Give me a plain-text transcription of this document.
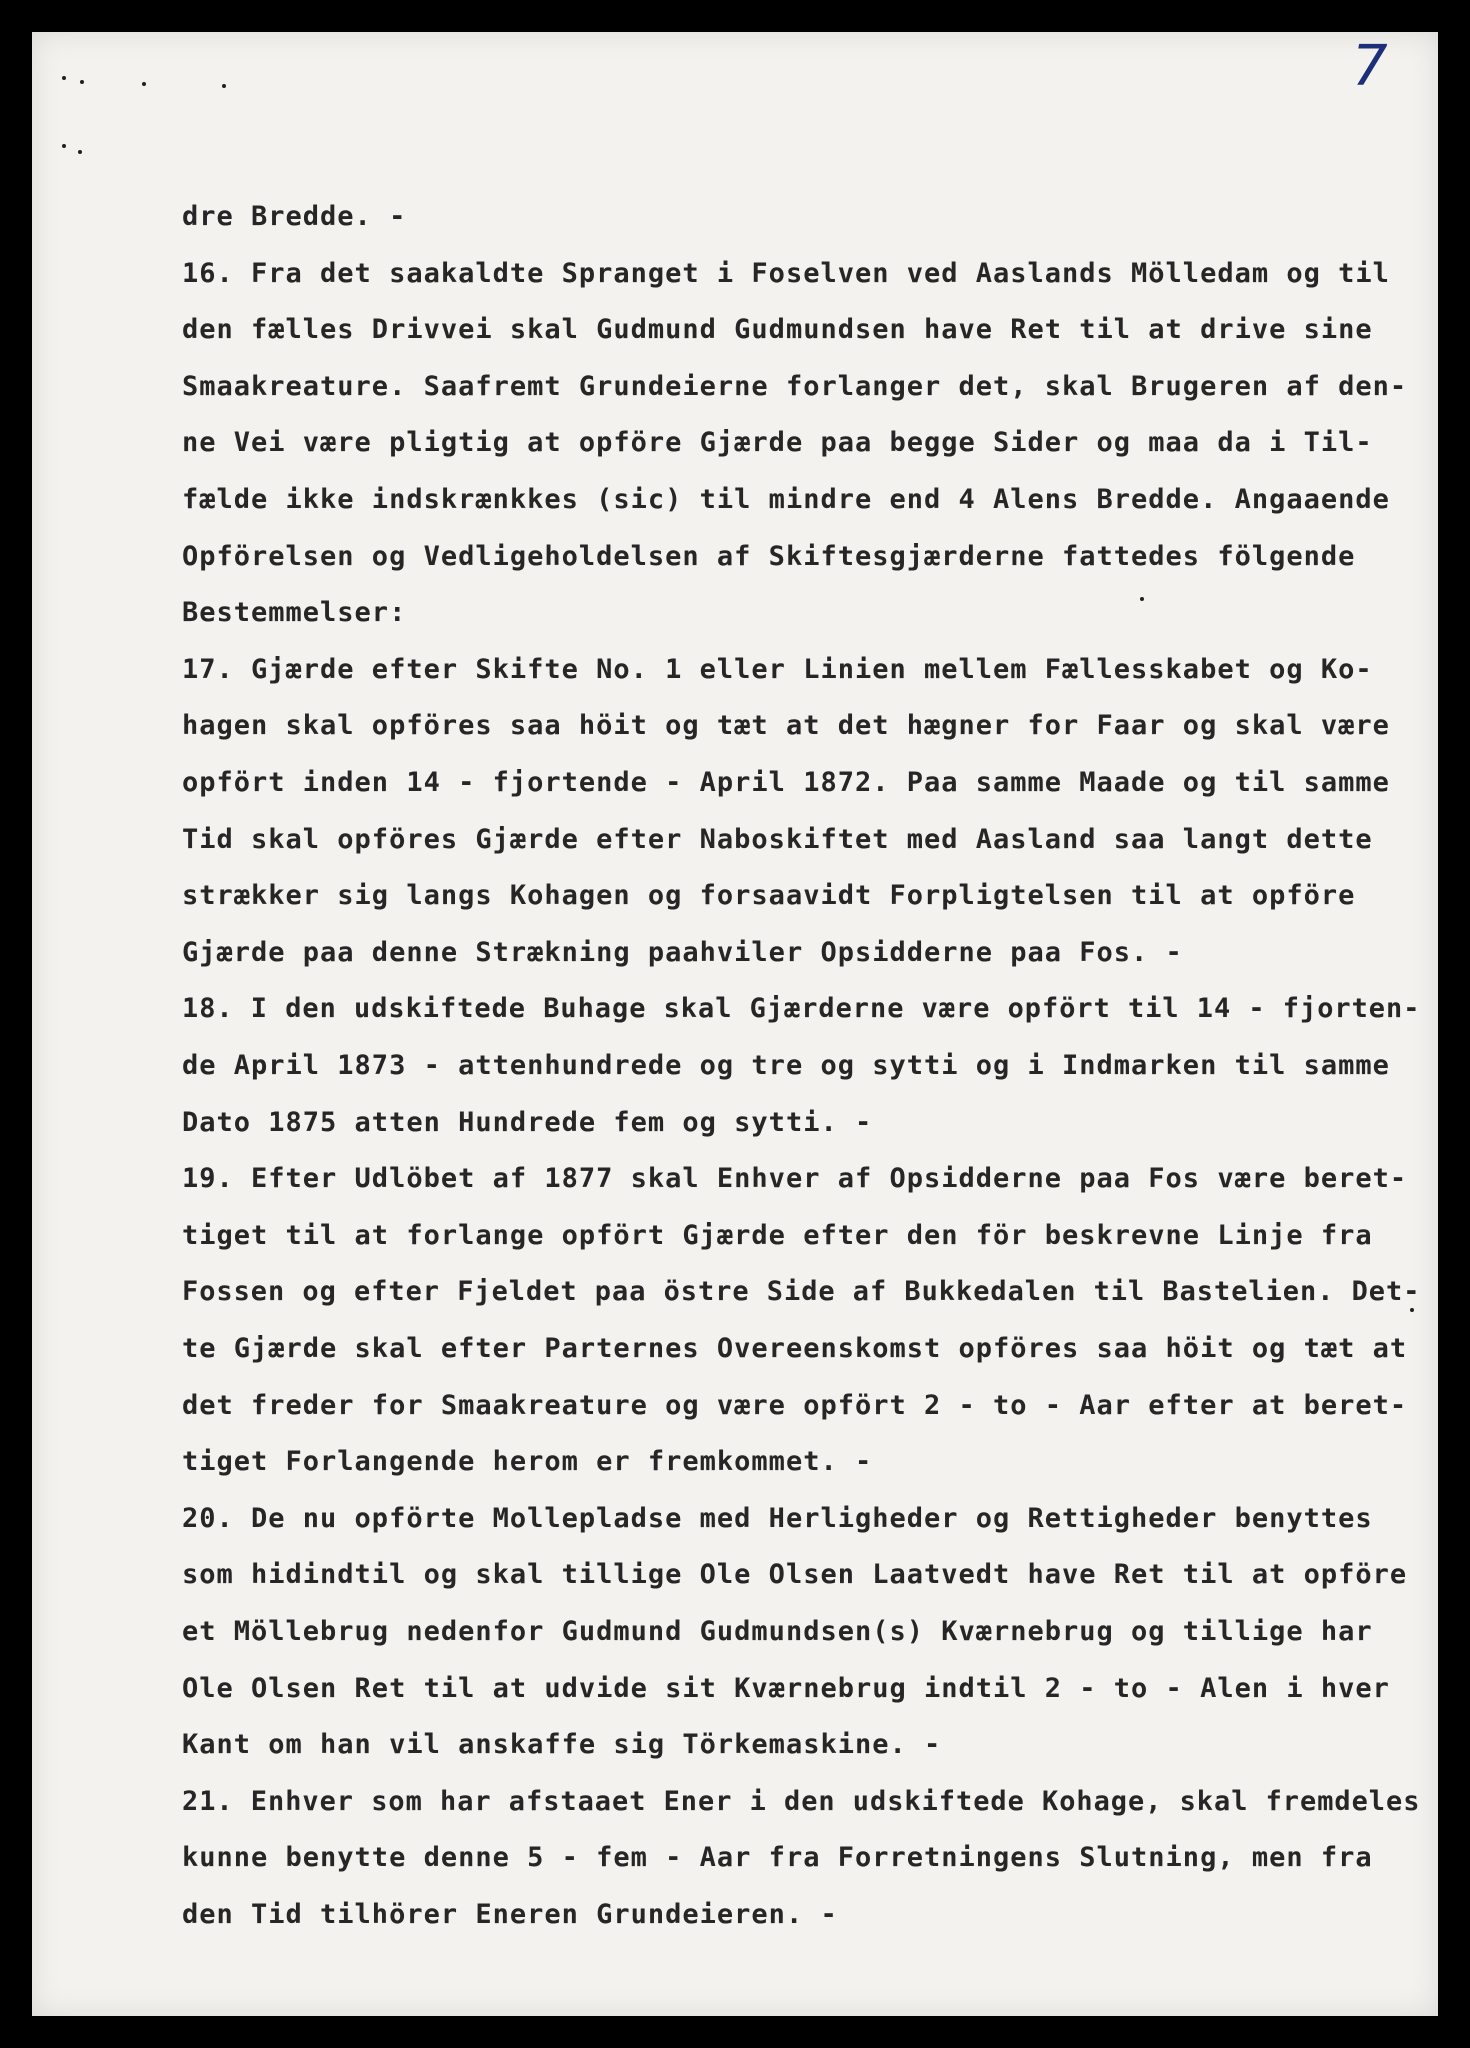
7
dre Bredde. -
16. Fra det saakaldte Spranget i Foselven ved Aaslands Mölledam og til
den fælles Drivvei skal Gudmund Gudmundsen have Ret til at drive sine
Smaakreature. Saafremt Grundeierne forlanger det, skal Brugeren af den-
ne Vei være pligtig at opföre Gjærde paa begge Sider og maa da i Til-
fælde ikke indskrænkkes (sic) til mindre end 4 Alens Bredde. Angaaende
Opförelsen og Vedligeholdelsen af Skiftesgjærderne fattedes fölgende
Bestemmelser:
17. Gjærde efter Skifte No. 1 eller Linien mellem Fællesskabet og Ko-
hagen skal opföres saa höit og tæt at det hægner for Faar og skal være
opfört inden 14 - fjortende - April 1872. Paa samme Maade og til samme
Tid skal opföres Gjærde efter Naboskiftet med Aasland saa langt dette
strækker sig langs Kohagen og forsaavidt Forpligtelsen til at opföre
Gjærde paa denne Strækning paahviler Opsidderne paa Fos. -
18. I den udskiftede Buhage skal Gjærderne være opfört til 14 - fjorten-
de April 1873 - attenhundrede og tre og sytti og i Indmarken til samme
Dato 1875 atten Hundrede fem og sytti. -
19. Efter Udlöbet af 1877 skal Enhver af Opsidderne paa Fos være beret-
tiget til at forlange opfört Gjærde efter den för beskrevne Linje fra
Fossen og efter Fjeldet paa östre Side af Bukkedalen til Bastelien. Det-
te Gjærde skal efter Parternes Overeenskomst opföres saa höit og tæt at
det freder for Smaakreature og være opfört 2 - to - Aar efter at beret-
tiget Forlangende herom er fremkommet. -
20. De nu opförte Mollepladse med Herligheder og Rettigheder benyttes
som hidindtil og skal tillige Ole Olsen Laatvedt have Ret til at opföre
et Möllebrug nedenfor Gudmund Gudmundsen(s) Kværnebrug og tillige har
Ole Olsen Ret til at udvide sit Kværnebrug indtil 2 - to - Alen i hver
Kant om han vil anskaffe sig Törkemaskine. -
21. Enhver som har afstaaet Ener i den udskiftede Kohage, skal fremdeles
kunne benytte denne 5 - fem - Aar fra Forretningens Slutning, men fra
den Tid tilhörer Eneren Grundeieren. -
